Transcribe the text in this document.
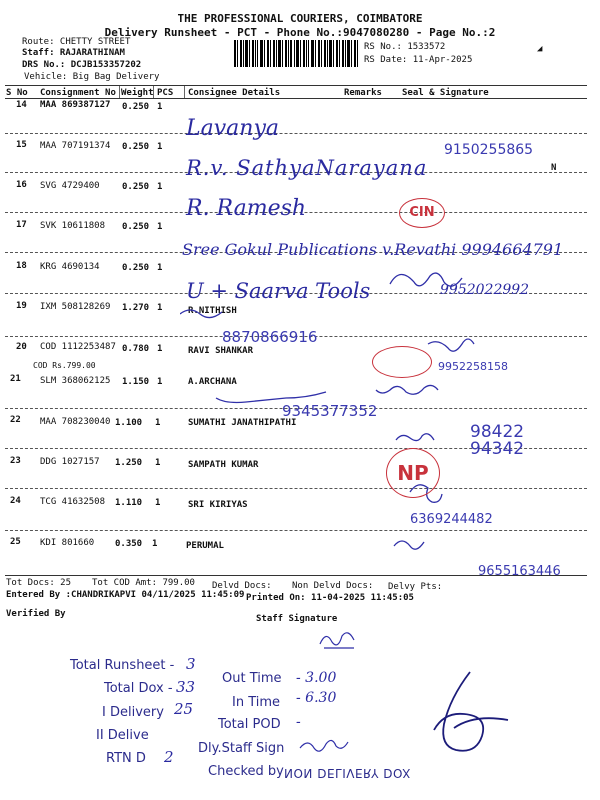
THE PROFESSIONAL COURIERS, COIMBATORE
Delivery Runsheet - PCT - Phone No.:9047080280 - Page No.:2
Route: CHETTY STREET
Staff: RAJARATHINAM
DRS No.: DCJB153357202
Vehicle: Big Bag Delivery
RS No.: 1533572
RS Date: 11-Apr-2025
◢
S No Consignment No Weight PCS Consignee Details	Remarks Seal & Signature
14 MAA 869387127 0.250 1
15 MAA 707191374 0.250 1
16 SVG 4729400 0.250 1
17 SVK 10611808 0.250 1
18 KRG 4690134 0.250 1
19 IXM 508128269 1.270 1	R.NITHISH
20 COD 1112253487 0.780 1	RAVI SHANKAR
COD Rs.799.00
21 SLM 368062125 1.150 1	A.ARCHANA
22 MAA 708230040 1.100 1	SUMATHI JANATHIPATHI
23 DDG 1027157 1.250 1	SAMPATH KUMAR
24 TCG 41632508 1.110 1	SRI KIRIYAS
25 KDI 801660 0.350 1	PERUMAL
Lavanya
R.v. SathyaNarayana
R. Ramesh
Sree Gokul Publications v.Revathi 9994664791
U + Saarva Tools	9952022992
8870866916
9952258158
9345377352
98422 94342
6369244482
9655163446
9150255865
CIN
NP
N
Tot Docs: 25 Tot COD Amt: 799.00 Delvd Docs: Non Delvd Docs: Delvy Pts:
Entered By :CHANDRIKAPVI 04/11/2025 11:45:09 Printed On: 11-04-2025 11:45:05
Verified By	Staff Signature
Total Runsheet - 3
Total Dox - 33
I Delivery 25
II Delive
RTN D 2
Out Time - 3.00
In Time - 6.30
Total POD -
Dly.Staff Sign
Checked by NON DELIVERY DOX
